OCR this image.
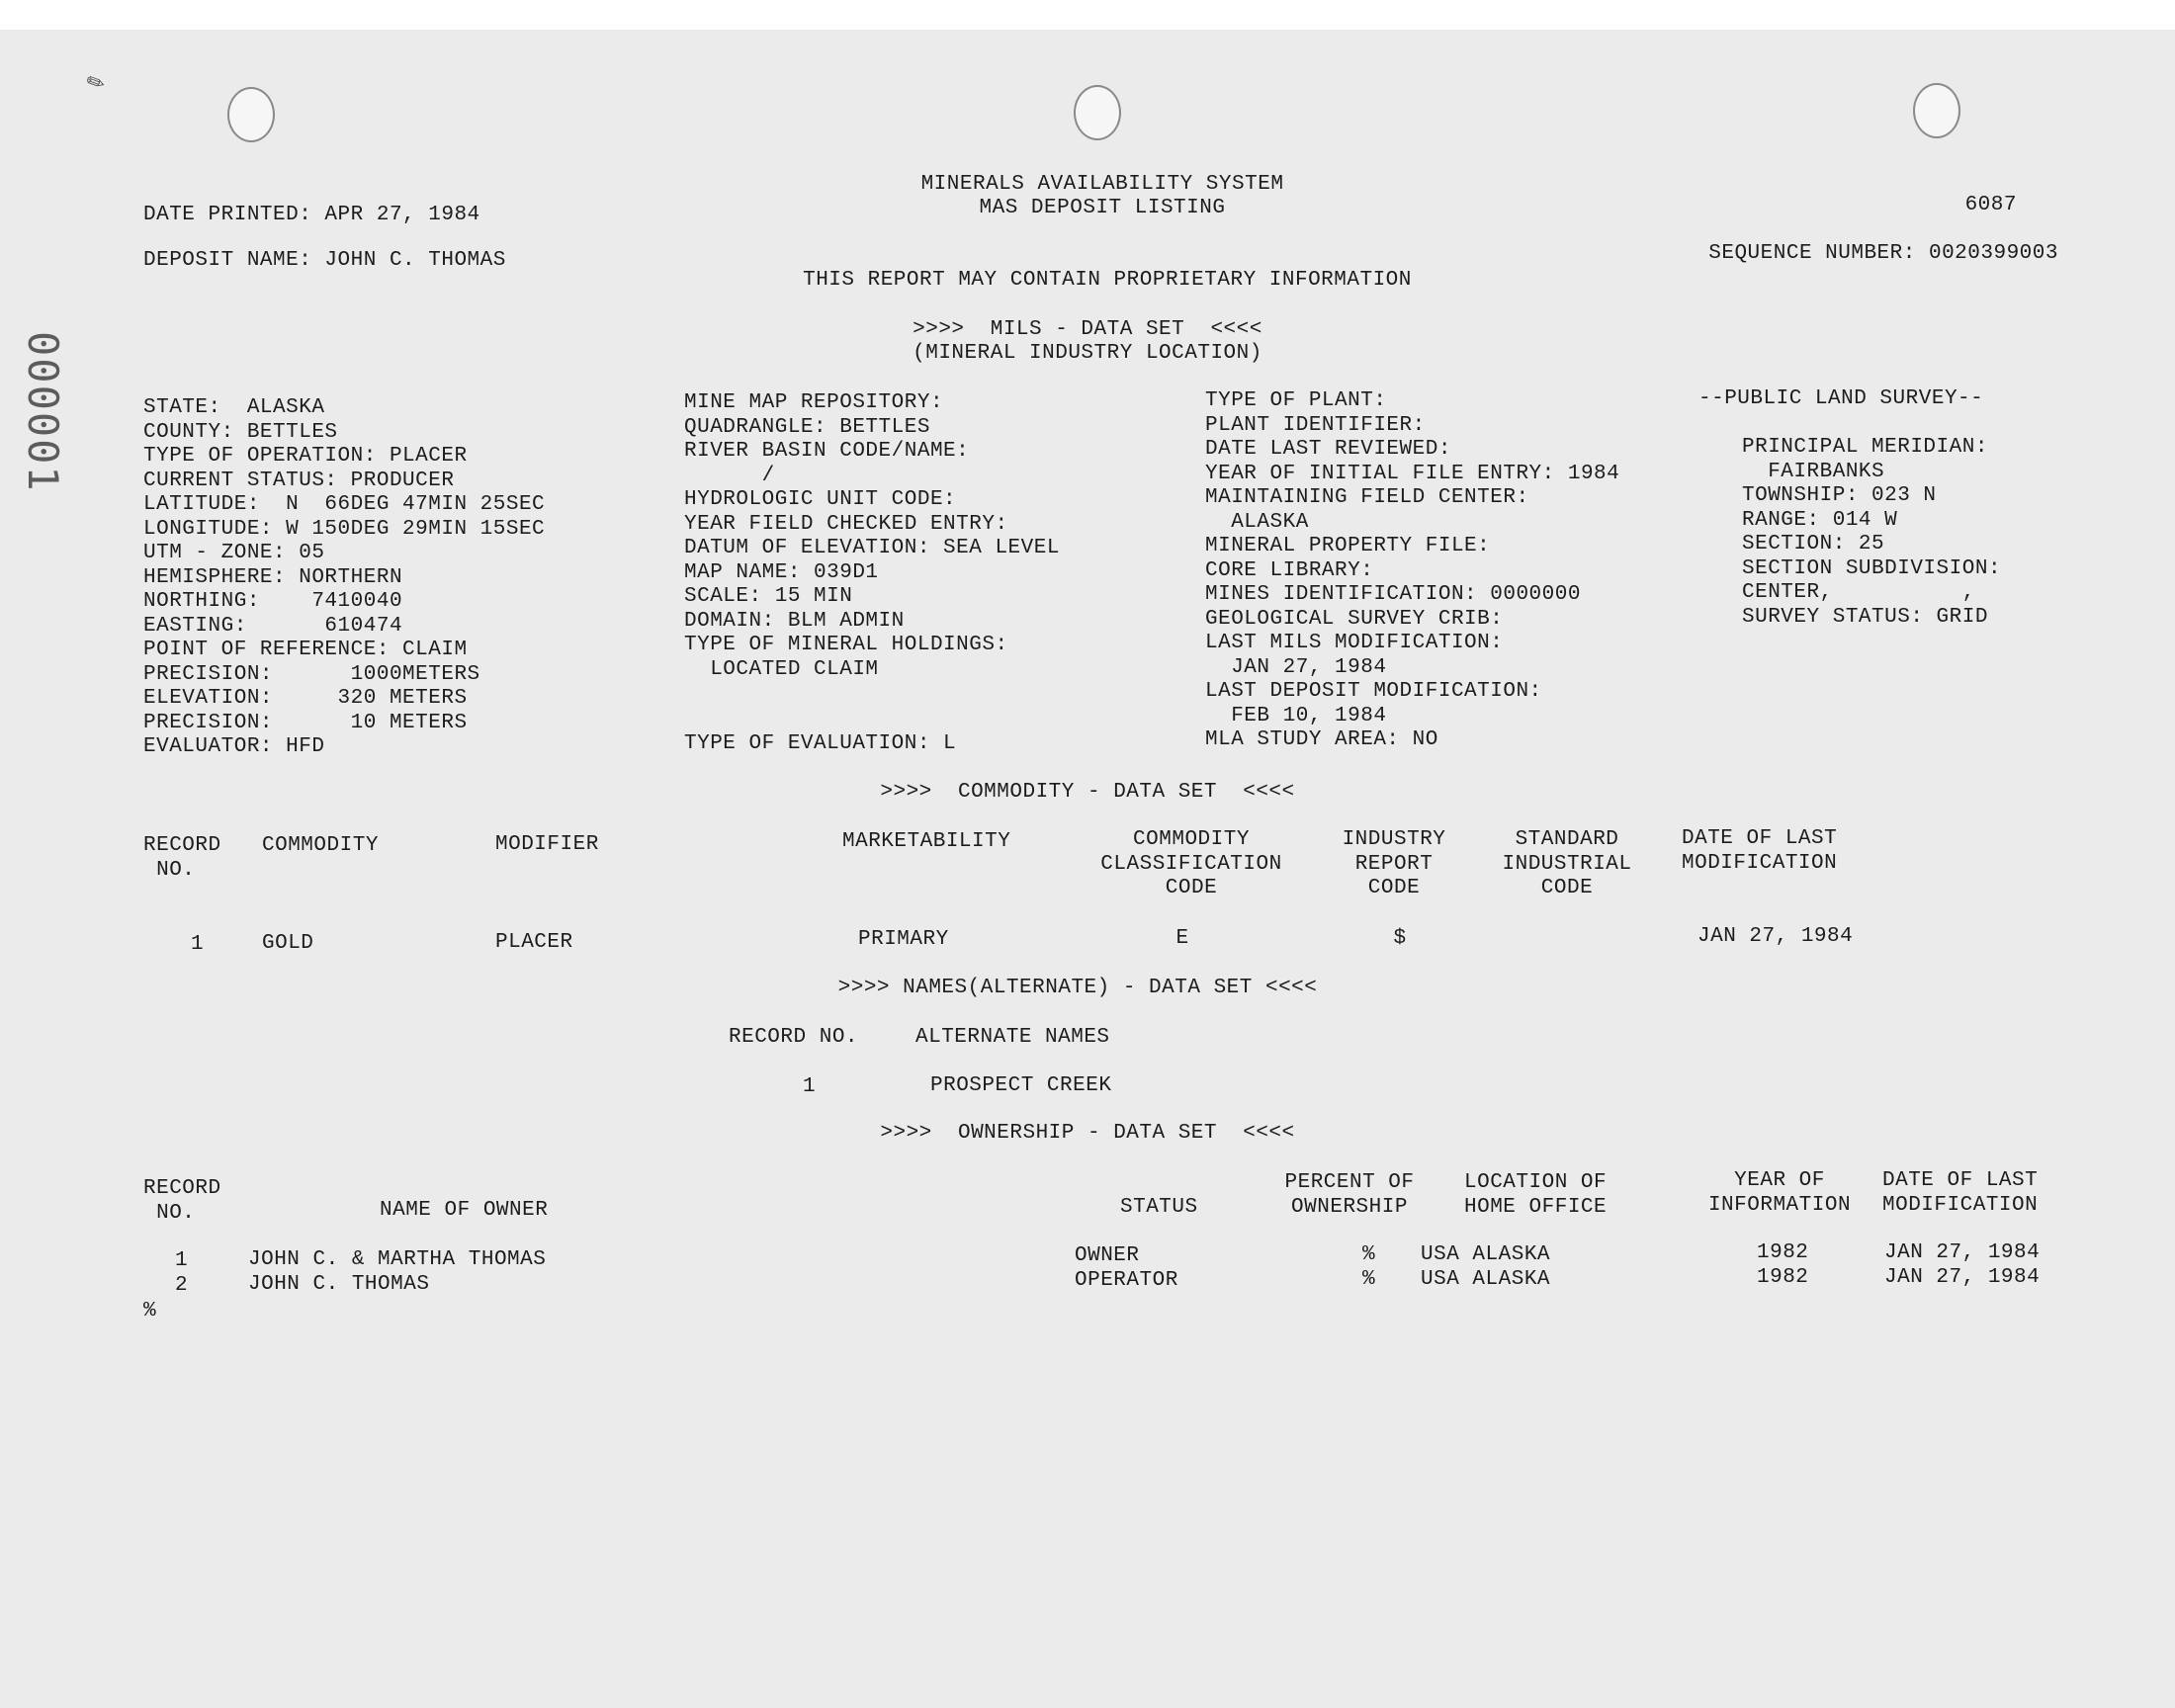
✎
000001
DATE PRINTED: APR 27, 1984
DEPOSIT NAME: JOHN C. THOMAS
MINERALS AVAILABILITY SYSTEM
MAS DEPOSIT LISTING
THIS REPORT MAY CONTAIN PROPRIETARY INFORMATION
6087
SEQUENCE NUMBER: 0020399003
>>>>  MILS - DATA SET  <<<<
(MINERAL INDUSTRY LOCATION)
STATE:  ALASKA
COUNTY: BETTLES
TYPE OF OPERATION: PLACER
CURRENT STATUS: PRODUCER
LATITUDE:  N  66DEG 47MIN 25SEC
LONGITUDE: W 150DEG 29MIN 15SEC
UTM - ZONE: 05
HEMISPHERE: NORTHERN
NORTHING:    7410040
EASTING:      610474
POINT OF REFERENCE: CLAIM
PRECISION:      1000METERS
ELEVATION:     320 METERS
PRECISION:      10 METERS
EVALUATOR: HFD
MINE MAP REPOSITORY:
QUADRANGLE: BETTLES
RIVER BASIN CODE/NAME:
/
HYDROLOGIC UNIT CODE:
YEAR FIELD CHECKED ENTRY:
DATUM OF ELEVATION: SEA LEVEL
MAP NAME: 039D1
SCALE: 15 MIN
DOMAIN: BLM ADMIN
TYPE OF MINERAL HOLDINGS:
LOCATED CLAIM
TYPE OF EVALUATION: L
TYPE OF PLANT:
PLANT IDENTIFIER:
DATE LAST REVIEWED:
YEAR OF INITIAL FILE ENTRY: 1984
MAINTAINING FIELD CENTER:
ALASKA
MINERAL PROPERTY FILE:
CORE LIBRARY:
MINES IDENTIFICATION: 0000000
GEOLOGICAL SURVEY CRIB:
LAST MILS MODIFICATION:
JAN 27, 1984
LAST DEPOSIT MODIFICATION:
FEB 10, 1984
MLA STUDY AREA: NO
--PUBLIC LAND SURVEY--
PRINCIPAL MERIDIAN:
FAIRBANKS
TOWNSHIP: 023 N
RANGE: 014 W
SECTION: 25
SECTION SUBDIVISION:
CENTER,          ,
SURVEY STATUS: GRID
>>>>  COMMODITY - DATA SET  <<<<
RECORD
NO.
COMMODITY	MODIFIER	MARKETABILITY	COMMODITY
CLASSIFICATION
CODE
INDUSTRY
REPORT
CODE
STANDARD
INDUSTRIAL
CODE
DATE OF LAST
MODIFICATION
1	GOLD	PLACER	PRIMARY	E	$	JAN 27, 1984
>>>> NAMES(ALTERNATE) - DATA SET <<<<
RECORD NO.	ALTERNATE NAMES
1	PROSPECT CREEK
>>>>  OWNERSHIP - DATA SET  <<<<
RECORD
NO.	NAME OF OWNER	STATUS
PERCENT OF
OWNERSHIP
LOCATION OF
HOME OFFICE
YEAR OF
INFORMATION
DATE OF LAST
MODIFICATION
1	JOHN C. & MARTHA THOMAS	OWNER	% USA ALASKA	1982	JAN 27, 1984
2	JOHN C. THOMAS	OPERATOR	% USA ALASKA	1982	JAN 27, 1984
%
